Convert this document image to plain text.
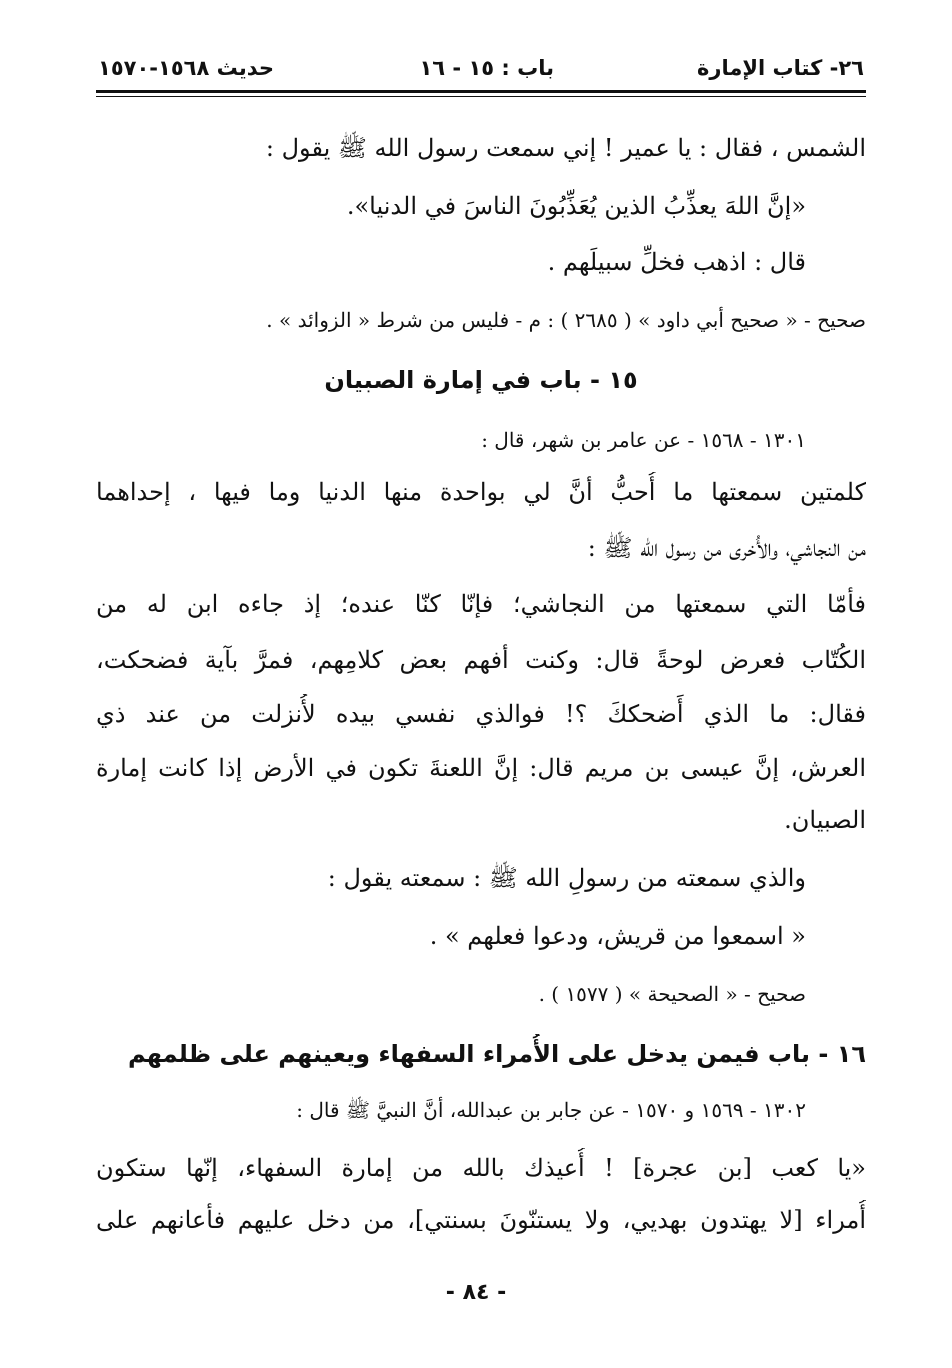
٢٦- كتاب الإمارة
باب : ١٥ - ١٦
حديث ١٥٦٨-١٥٧٠
الشمس ، فقال : يا عمير ! إني سمعت رسول الله ﷺ يقول :
«إنَّ اللهَ يعذِّبُ الذين يُعَذِّبُونَ الناسَ في الدنيا».
قال : اذهب فخلِّ سبيلَهم .
صحيح - « صحيح أبي داود » ( ٢٦٨٥ ) : م - فليس من شرط « الزوائد » .
١٥ - باب في إمارة الصبيان
١٣٠١ - ١٥٦٨ - عن عامر بن شهر، قال :
كلمتين سمعتها ما أُحبُّ أنَّ لي بواحدة منها الدنيا وما فيها ، إحداهما
من النجاشي، والأُخرى من رسول الله ﷺ :
فأمّا التي سمعتها من النجاشي؛ فإنّا كنّا عنده؛ إذ جاءه ابن له من
الكُتّاب فعرض لوحةً قال: وكنت أفهم بعض كلامِهم، فمرَّ بآية فضحكت،
فقال: ما الذي أَضحككَ ؟! فوالذي نفسي بيده لأُنزلت من عند ذي
العرش، إنَّ عيسى بن مريم قال: إنَّ اللعنةَ تكون في الأرض إذا كانت إمارة
الصبيان.
والذي سمعته من رسولِ الله ﷺ : سمعته يقول :
« اسمعوا من قريش، ودعوا فعلهم » .
صحيح - « الصحيحة » ( ١٥٧٧ ) .
١٦ - باب فيمن يدخل على الأُمراء السفهاء ويعينهم على ظلمهم
١٣٠٢ - ١٥٦٩ و ١٥٧٠ - عن جابر بن عبدالله، أنَّ النبيَّ ﷺ قال :
«يا كعب [بن عجرة] ! أُعيذك بالله من إمارة السفهاء، إنّها ستكون
أُمراء [لا يهتدون بهديي، ولا يستنّونَ بسنتي]، من دخل عليهم فأعانهم على
- ٨٤ -
